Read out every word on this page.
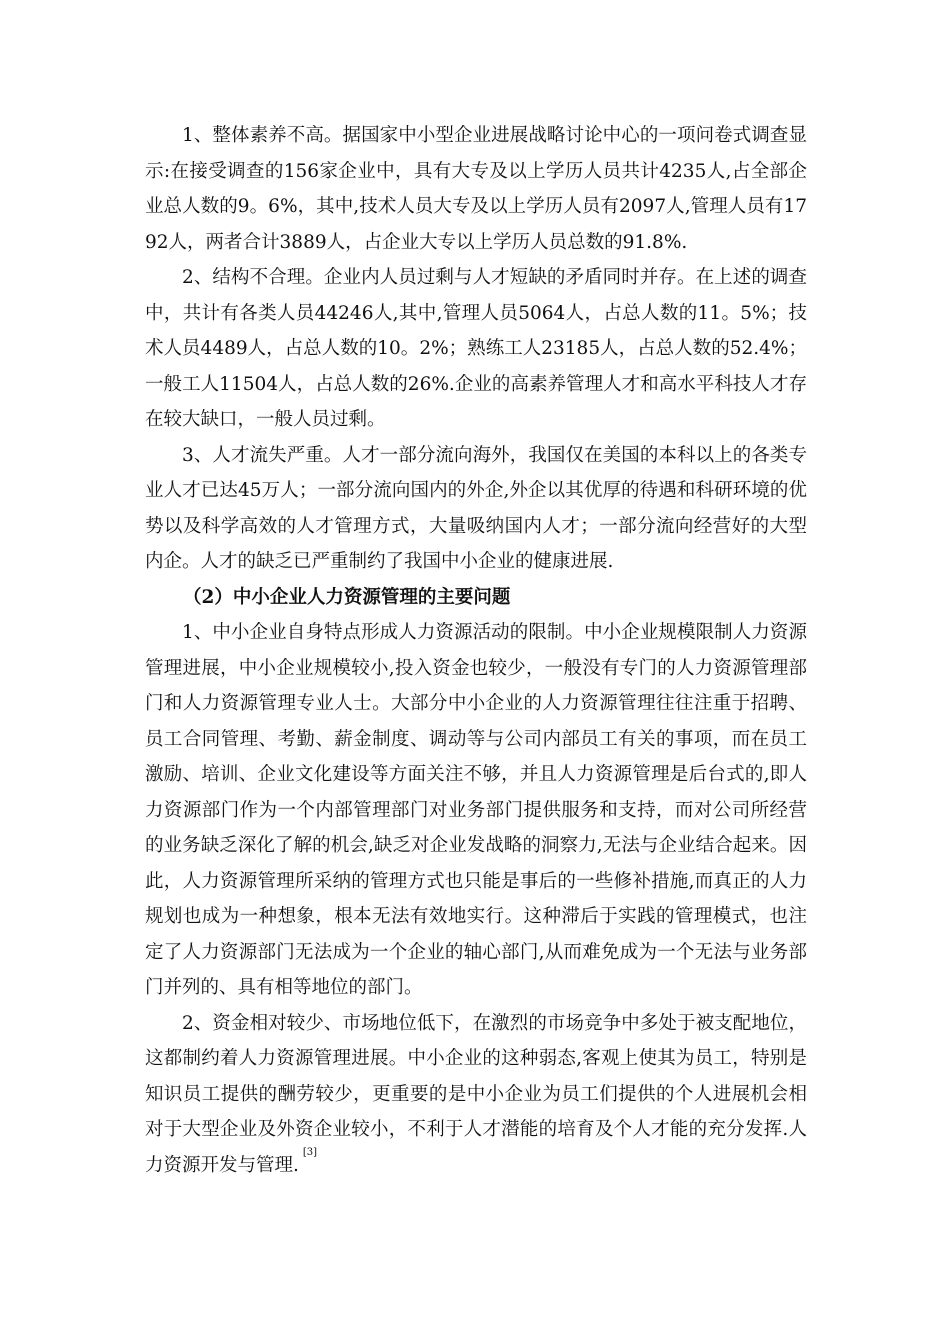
1、整体素养不高。据国家中小型企业进展战略讨论中心的一项问卷式调查显示:在接受调查的156家企业中，具有大专及以上学历人员共计4235人,占全部企业总人数的9。6%，其中,技术人员大专及以上学历人员有2097人,管理人员有1792人，两者合计3889人，占企业大专以上学历人员总数的91.8%.

2、结构不合理。企业内人员过剩与人才短缺的矛盾同时并存。在上述的调查中，共计有各类人员44246人,其中,管理人员5064人，占总人数的11。5%；技术人员4489人，占总人数的10。2%；熟练工人23185人，占总人数的52.4%；一般工人11504人，占总人数的26%.企业的高素养管理人才和高水平科技人才存在较大缺口，一般人员过剩。

3、人才流失严重。人才一部分流向海外，我国仅在美国的本科以上的各类专业人才已达45万人；一部分流向国内的外企,外企以其优厚的待遇和科研环境的优势以及科学高效的人才管理方式，大量吸纳国内人才；一部分流向经营好的大型内企。人才的缺乏已严重制约了我国中小企业的健康进展.

（2）中小企业人力资源管理的主要问题

1、中小企业自身特点形成人力资源活动的限制。中小企业规模限制人力资源管理进展，中小企业规模较小,投入资金也较少，一般没有专门的人力资源管理部门和人力资源管理专业人士。大部分中小企业的人力资源管理往往注重于招聘、员工合同管理、考勤、薪金制度、调动等与公司内部员工有关的事项，而在员工激励、培训、企业文化建设等方面关注不够，并且人力资源管理是后台式的,即人力资源部门作为一个内部管理部门对业务部门提供服务和支持，而对公司所经营的业务缺乏深化了解的机会,缺乏对企业发战略的洞察力,无法与企业结合起来。因此，人力资源管理所采纳的管理方式也只能是事后的一些修补措施,而真正的人力规划也成为一种想象，根本无法有效地实行。这种滞后于实践的管理模式，也注定了人力资源部门无法成为一个企业的轴心部门,从而难免成为一个无法与业务部门并列的、具有相等地位的部门。

2、资金相对较少、市场地位低下，在激烈的市场竞争中多处于被支配地位，这都制约着人力资源管理进展。中小企业的这种弱态,客观上使其为员工，特别是知识员工提供的酬劳较少，更重要的是中小企业为员工们提供的个人进展机会相对于大型企业及外资企业较小，不利于人才潜能的培育及个人才能的充分发挥.人力资源开发与管理.[3]
